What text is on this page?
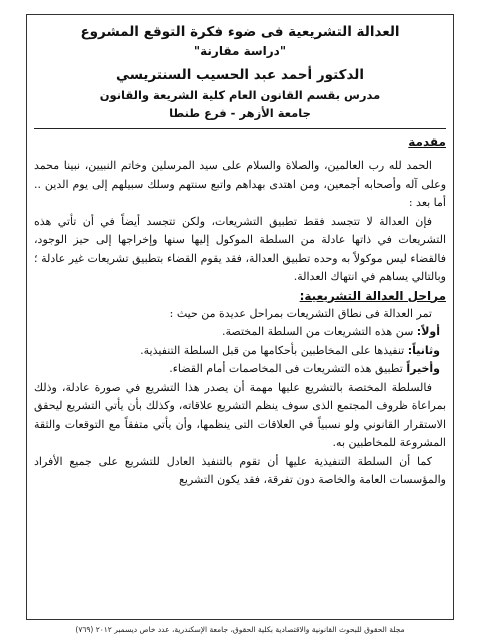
العدالة التشريعية فى ضوء فكرة التوقع المشروع
"دراسة مقارنة"
الدكتور أحمد عبد الحسيب السنتريسي
مدرس بقسم القانون العام كلية الشريعة والقانون
جامعة الأزهر - فرع طنطا
مقدمة

الحمد لله رب العالمين، والصلاة والسلام على سيد المرسلين وخاتم النبيين، نبينا محمد وعلى آله وأصحابه أجمعين، ومن اهتدى بهداهم واتبع سنتهم وسلك سبيلهم إلى يوم الدين .. أما بعد :

فإن العدالة لا تتجسد فقط تطبيق التشريعات، ولكن تتجسد أيضاً في أن تأتي هذه التشريعات في ذاتها عادلة من السلطة الموكول إليها سنها وإخراجها إلى حيز الوجود، فالقضاء ليس موكولاً به وحده تطبيق العدالة، فقد يقوم القضاء بتطبيق تشريعات غير عادلة ؛ وبالتالي يساهم في انتهاك العدالة.

مراحل العدالة التشريعية:

تمر العدالة فى نطاق التشريعات بمراحل عديدة من حيث :

أولاً: سن هذه التشريعات من السلطة المختصة.

وثانياً: تنفيذها على المخاطبين بأحكامها من قبل السلطة التنفيذية.

وأخيراً تطبيق هذه التشريعات فى المخاصمات أمام القضاء.

فالسلطة المختصة بالتشريع عليها مهمة أن يصدر هذا التشريع في صورة عادلة، وذلك بمراعاة ظروف المجتمع الذى سوف ينظم التشريع علاقاته، وكذلك بأن يأتي التشريع ليحقق الاستقرار القانوني ولو نسبياً في العلاقات التى ينظمها، وأن يأتي متفقاً مع التوقعات والثقة المشروعة للمخاطبين به.

كما أن السلطة التنفيذية عليها أن تقوم بالتنفيذ العادل للتشريع على جميع الأفراد والمؤسسات العامة والخاصة دون تفرقة، فقد يكون التشريع

مجلة الحقوق للبحوث القانونية والاقتصادية بكلية الحقوق، جامعة الإسكندرية، عدد خاص ديسمبر ٢٠١٢ (٧٦٩)
